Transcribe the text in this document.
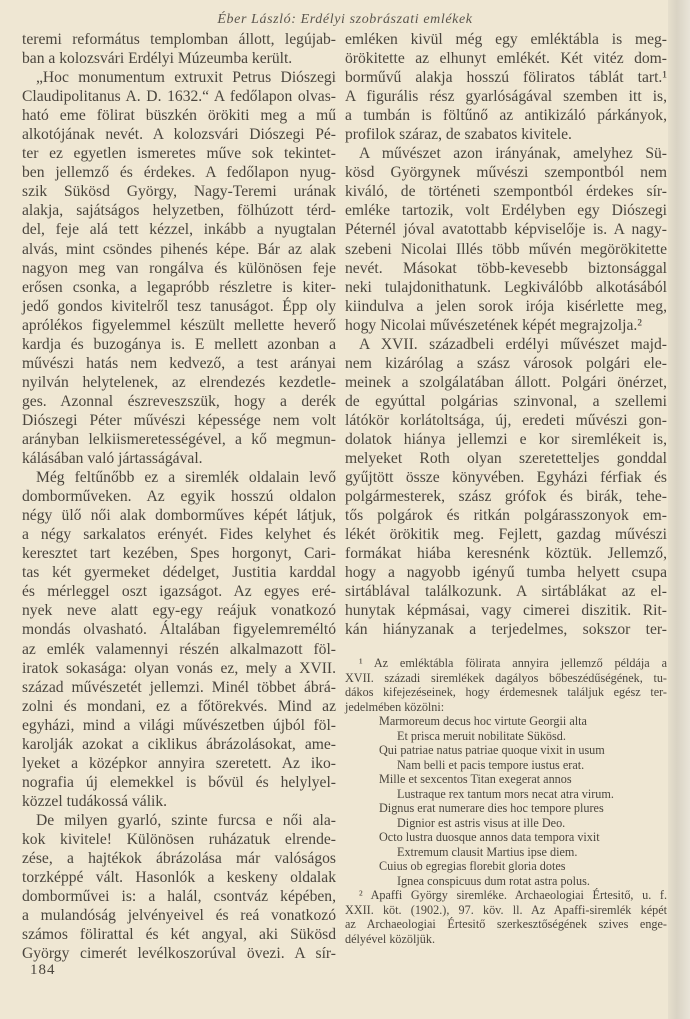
Éber László: Erdélyi szobrászati emlékek
teremi református templomban állott, legújab-
ban a kolozsvári Erdélyi Múzeumba került.
„Hoc monumentum extruxit Petrus Diószegi
Claudipolitanus A. D. 1632.“ A fedőlapon olvas-
ható eme fölirat büszkén örökiti meg a mű
alkotójának nevét. A kolozsvári Diószegi Pé-
ter ez egyetlen ismeretes műve sok tekintet-
ben jellemző és érdekes. A fedőlapon nyug-
szik Sükösd György, Nagy-Teremi urának
alakja, sajátságos helyzetben, fölhúzott térd-
del, feje alá tett kézzel, inkább a nyugtalan
alvás, mint csöndes pihenés képe. Bár az alak
nagyon meg van rongálva és különösen feje
erősen csonka, a legapróbb részletre is kiter-
jedő gondos kivitelről tesz tanuságot. Épp oly
aprólékos figyelemmel készült mellette heverő
kardja és buzogánya is. E mellett azonban a
művészi hatás nem kedvező, a test arányai
nyilván helytelenek, az elrendezés kezdetle-
ges. Azonnal észreveszszük, hogy a derék
Diószegi Péter művészi képessége nem volt
arányban lelkiismeretességével, a kő megmun-
kálásában való jártasságával.
Még feltűnőbb ez a siremlék oldalain levő
domborműveken. Az egyik hosszú oldalon
négy ülő női alak domborműves képét látjuk,
a négy sarkalatos erényét. Fides kelyhet és
keresztet tart kezében, Spes horgonyt, Cari-
tas két gyermeket dédelget, Justitia karddal
és mérleggel oszt igazságot. Az egyes eré-
nyek neve alatt egy-egy reájuk vonatkozó
mondás olvasható. Általában figyelemreméltó
az emlék valamennyi részén alkalmazott föl-
iratok sokasága: olyan vonás ez, mely a XVII.
század művészetét jellemzi. Minél többet ábrá-
zolni és mondani, ez a főtörekvés. Mind az
egyházi, mind a világi művészetben újból föl-
karolják azokat a ciklikus ábrázolásokat, ame-
lyeket a középkor annyira szeretett. Az iko-
nografia új elemekkel is bővül és helylyel-
közzel tudákossá válik.
De milyen gyarló, szinte furcsa e női ala-
kok kivitele! Különösen ruházatuk elrende-
zése, a hajtékok ábrázolása már valóságos
torzképpé vált. Hasonlók a keskeny oldalak
domborművei is: a halál, csontváz képében,
a mulandóság jelvényeivel és reá vonatkozó
számos fölirattal és két angyal, aki Sükösd
György cimerét levélkoszorúval övezi. A sír-
emléken kivül még egy emléktábla is meg-
örökitette az elhunyt emlékét. Két vitéz dom-
borművű alakja hosszú föliratos táblát tart.¹
A figurális rész gyarlóságával szemben itt is,
a tumbán is föltűnő az antikizáló párkányok,
profilok száraz, de szabatos kivitele.
A művészet azon irányának, amelyhez Sü-
kösd Györgynek művészi szempontból nem
kiváló, de történeti szempontból érdekes sír-
emléke tartozik, volt Erdélyben egy Diószegi
Péternél jóval avatottabb képviselője is. A nagy-
szebeni Nicolai Illés több művén megörökitette
nevét. Másokat több-kevesebb biztonsággal
neki tulajdonithatunk. Legkiválóbb alkotásából
kiindulva a jelen sorok irója kisérlette meg,
hogy Nicolai művészetének képét megrajzolja.²
A XVII. századbeli erdélyi művészet majd-
nem kizárólag a szász városok polgári ele-
meinek a szolgálatában állott. Polgári önérzet,
de egyúttal polgárias szinvonal, a szellemi
látókör korlátoltsága, új, eredeti művészi gon-
dolatok hiánya jellemzi e kor siremlékeit is,
melyeket Roth olyan szeretetteljes gonddal
gyűjtött össze könyvében. Egyházi férfiak és
polgármesterek, szász grófok és birák, tehe-
tős polgárok és ritkán polgárasszonyok em-
lékét örökitik meg. Fejlett, gazdag művészi
formákat hiába keresnénk köztük. Jellemző,
hogy a nagyobb igényű tumba helyett csupa
sirtáblával találkozunk. A sirtáblákat az el-
hunytak képmásai, vagy cimerei diszitik. Rit-
kán hiányzanak a terjedelmes, sokszor ter-
¹ Az emléktábla fölirata annyira jellemző példája a
XVII. századi siremlékek dagályos bőbeszédűségének, tu-
dákos kifejezéseinek, hogy érdemesnek találjuk egész ter-
jedelmében közölni:
Marmoreum decus hoc virtute Georgii alta
Et prisca meruit nobilitate Sükösd.
Qui patriae natus patriae quoque vixit in usum
Nam belli et pacis tempore iustus erat.
Mille et sexcentos Titan exegerat annos
Lustraque rex tantum mors necat atra virum.
Dignus erat numerare dies hoc tempore plures
Dignior est astris visus at ille Deo.
Octo lustra duosque annos data tempora vixit
Extremum clausit Martius ipse diem.
Cuius ob egregias florebit gloria dotes
Ignea conspicuus dum rotat astra polus.
² Apaffi György siremléke. Archaeologiai Értesitő, u. f.
XXII. köt. (1902.), 97. köv. ll. Az Apaffi-siremlék képét
az Archaeologiai Értesitő szerkesztőségének szives enge-
délyével közöljük.
184
